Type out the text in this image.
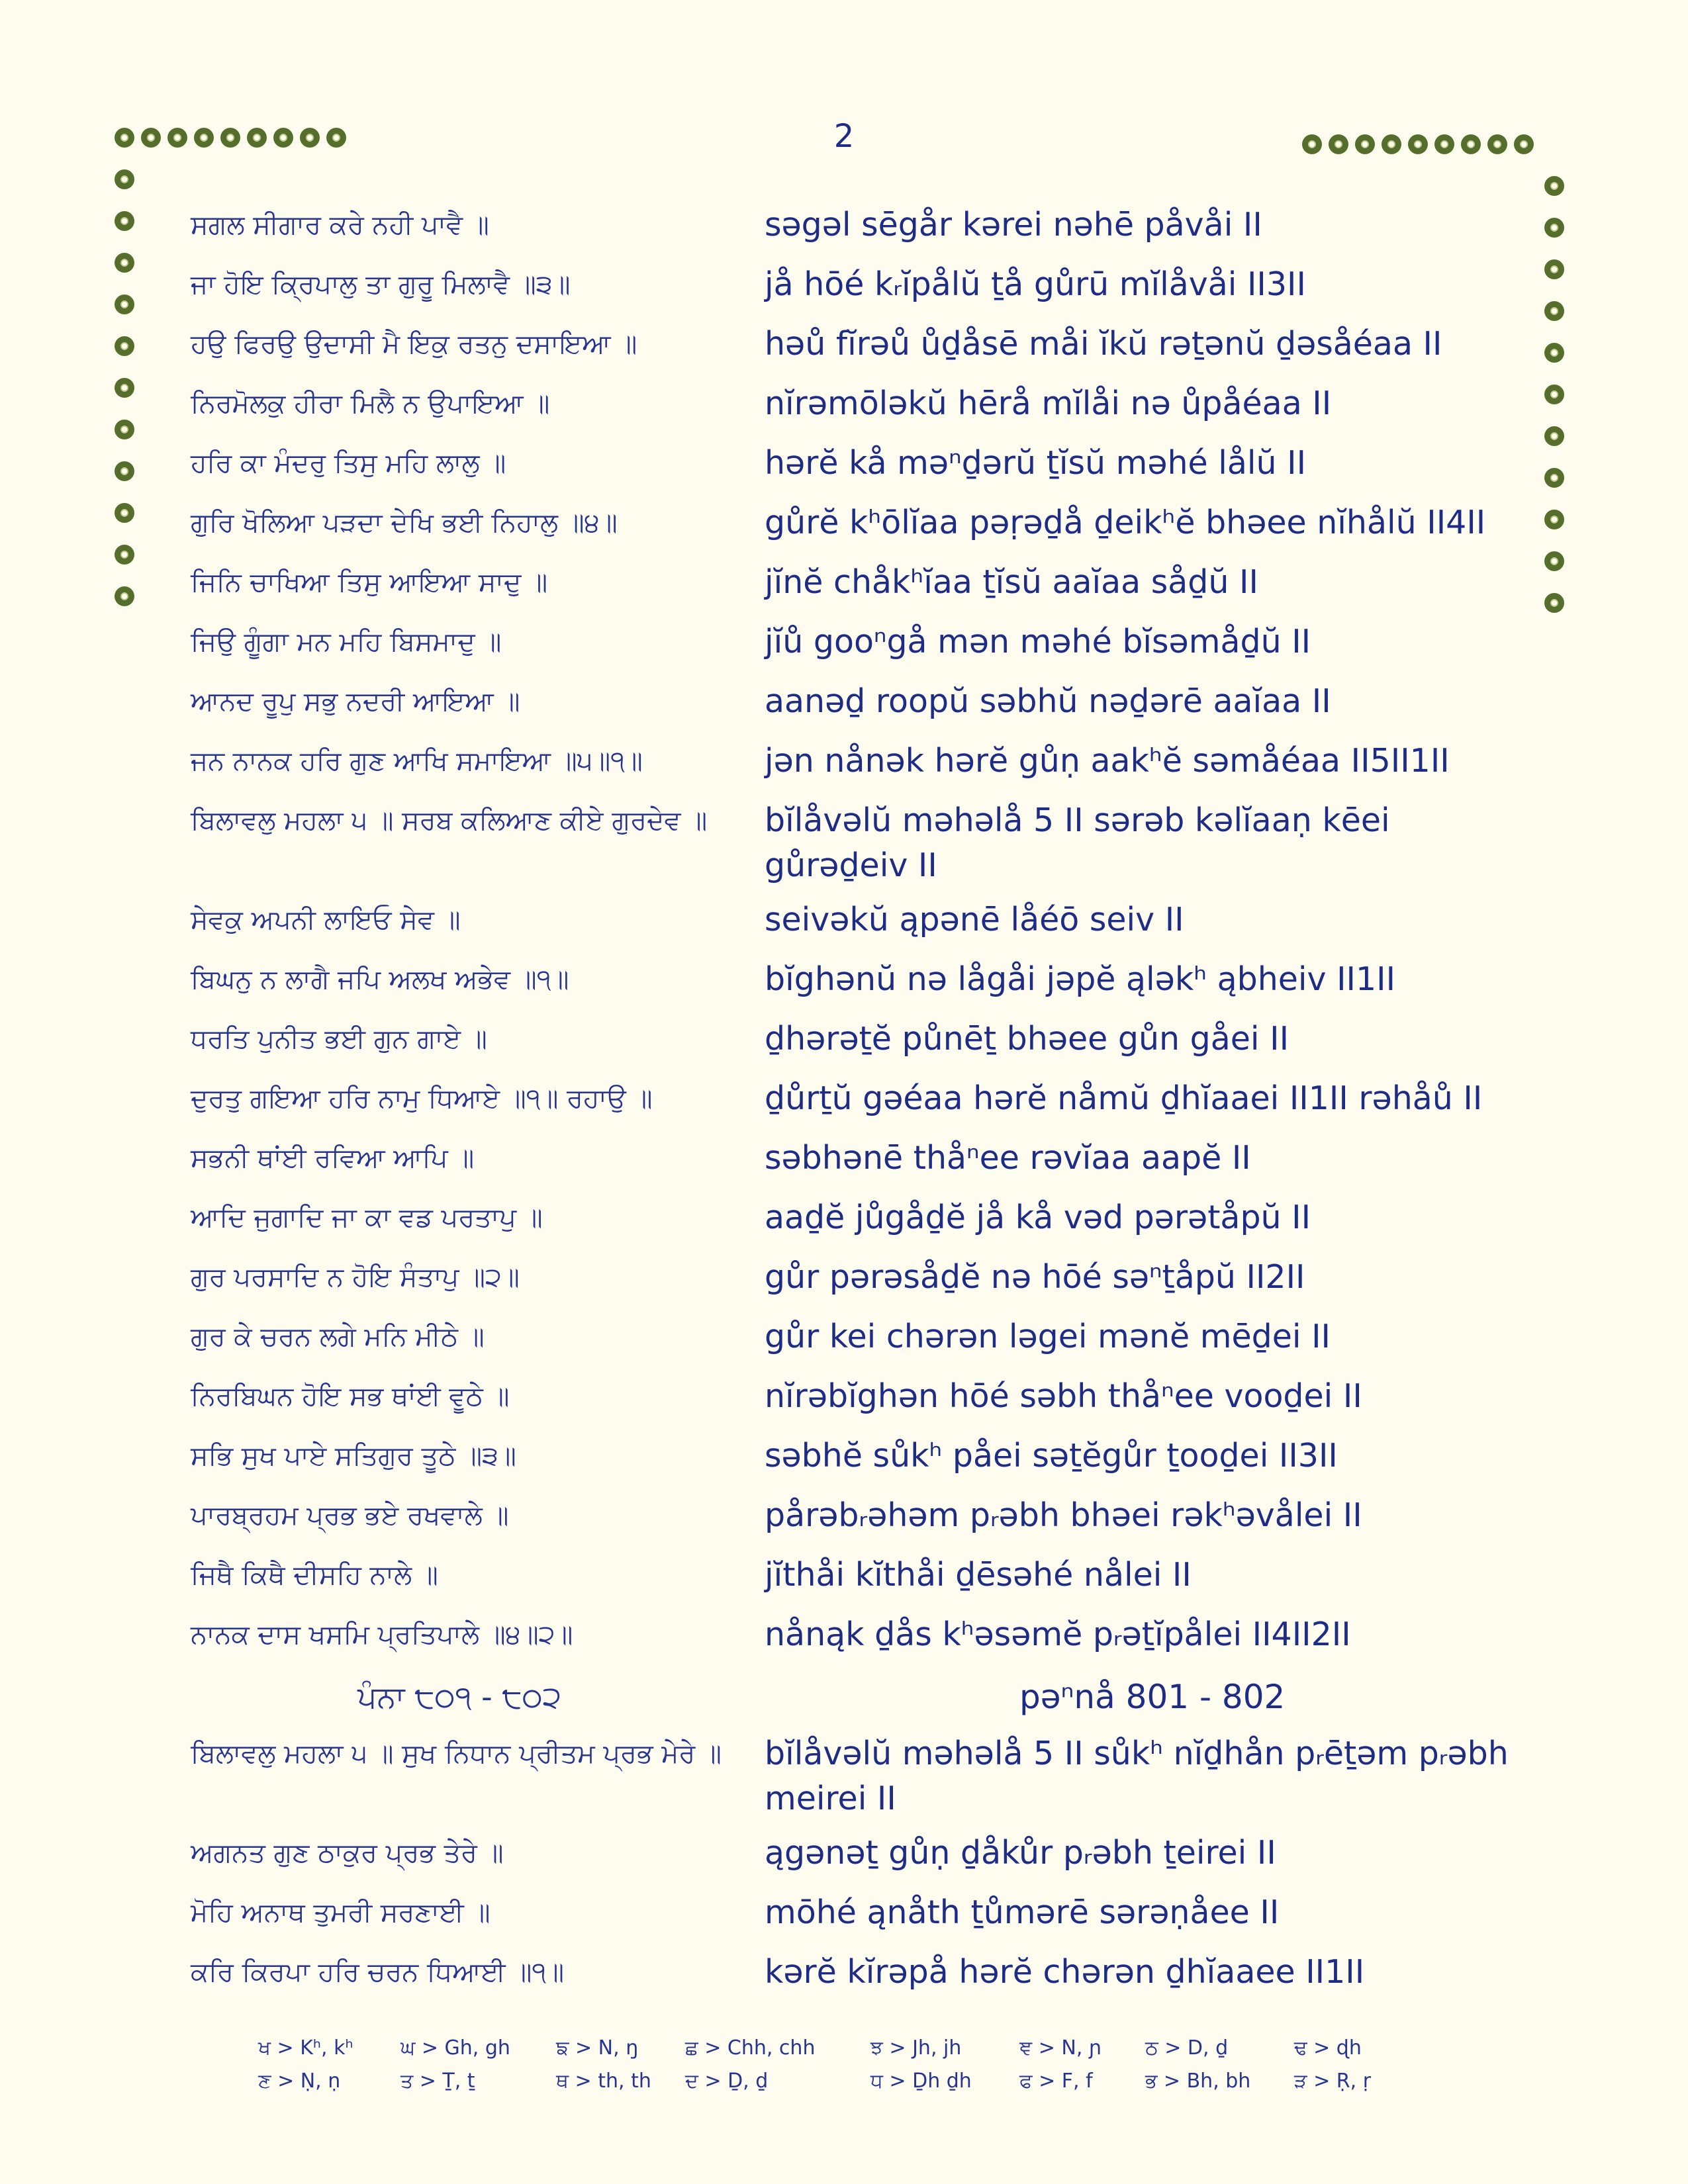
2
ਸਗਲ ਸੀਗਾਰ ਕਰੇ ਨਹੀ ਪਾਵੈ ॥	səgəl sēgår kərei nəhē påvåi II
ਜਾ ਹੋਇ ਕ੍ਰਿਪਾਲੁ ਤਾ ਗੁਰੂ ਮਿਲਾਵੈ ॥੩॥	jå hōé kᵣĭpålŭ ṯå gůrū mĭlåvåi II3II
ਹਉ ਫਿਰਉ ਉਦਾਸੀ ਮੈ ਇਕੁ ਰਤਨੁ ਦਸਾਇਆ ॥	həů fĭrəů ůḏåsē måi ĭkŭ rəṯənŭ ḏəsåéaa II
ਨਿਰਮੋਲਕੁ ਹੀਰਾ ਮਿਲੈ ਨ ਉਪਾਇਆ ॥	nĭrəmōləkŭ hērå mĭlåi nə ůpåéaa II
ਹਰਿ ਕਾ ਮੰਦਰੁ ਤਿਸੁ ਮਹਿ ਲਾਲੁ ॥	hərĕ kå məⁿḏərŭ ṯĭsŭ məhé lålŭ II
ਗੁਰਿ ਖੋਲਿਆ ਪੜਦਾ ਦੇਖਿ ਭਈ ਨਿਹਾਲੁ ॥੪॥	gůrĕ kʰōlĭaa pəṛəḏå ḏeikʰĕ bhəee nĭhålŭ II4II
ਜਿਨਿ ਚਾਖਿਆ ਤਿਸੁ ਆਇਆ ਸਾਦੁ ॥	jĭnĕ chåkʰĭaa ṯĭsŭ aaĭaa såḏŭ II
ਜਿਉ ਗੂੰਗਾ ਮਨ ਮਹਿ ਬਿਸਮਾਦੁ ॥	jĭů gooⁿgå mən məhé bĭsəmåḏŭ II
ਆਨਦ ਰੂਪੁ ਸਭੁ ਨਦਰੀ ਆਇਆ ॥	aanəḏ roopŭ səbhŭ nəḏərē aaĭaa II
ਜਨ ਨਾਨਕ ਹਰਿ ਗੁਣ ਆਖਿ ਸਮਾਇਆ ॥੫॥੧॥	jən nånək hərĕ gůṇ aakʰĕ səmåéaa II5II1II
ਬਿਲਾਵਲੁ ਮਹਲਾ ੫ ॥ ਸਰਬ ਕਲਿਆਣ ਕੀਏ ਗੁਰਦੇਵ ॥	bĭlåvəlŭ məhəlå 5 II sərəb kəlĭaaṇ kēei gůrəḏeiv II
ਸੇਵਕੁ ਅਪਨੀ ਲਾਇਓ ਸੇਵ ॥	seivəkŭ ąpənē låéō seiv II
ਬਿਘਨੁ ਨ ਲਾਗੈ ਜਪਿ ਅਲਖ ਅਭੇਵ ॥੧॥	bĭghənŭ nə lågåi jəpĕ ąləkʰ ąbheiv II1II
ਧਰਤਿ ਪੁਨੀਤ ਭਈ ਗੁਨ ਗਾਏ ॥	ḏhərəṯĕ půnēṯ bhəee gůn gåei II
ਦੁਰਤੁ ਗਇਆ ਹਰਿ ਨਾਮੁ ਧਿਆਏ ॥੧॥ ਰਹਾਉ ॥	ḏůrṯŭ gəéaa hərĕ nåmŭ ḏhĭaaei II1II rəhåů II
ਸਭਨੀ ਥਾਂਈ ਰਵਿਆ ਆਪਿ ॥	səbhənē thåⁿee rəvĭaa aapĕ II
ਆਦਿ ਜੁਗਾਦਿ ਜਾ ਕਾ ਵਡ ਪਰਤਾਪੁ ॥	aaḏĕ jůgåḏĕ jå kå vəd pərətåpŭ II
ਗੁਰ ਪਰਸਾਦਿ ਨ ਹੋਇ ਸੰਤਾਪੁ ॥੨॥	gůr pərəsåḏĕ nə hōé səⁿṯåpŭ II2II
ਗੁਰ ਕੇ ਚਰਨ ਲਗੇ ਮਨਿ ਮੀਠੇ ॥	gůr kei chərən ləgei mənĕ mēḏei II
ਨਿਰਬਿਘਨ ਹੋਇ ਸਭ ਥਾਂਈ ਵੂਠੇ ॥	nĭrəbĭghən hōé səbh thåⁿee vooḏei II
ਸਭਿ ਸੁਖ ਪਾਏ ਸਤਿਗੁਰ ਤੂਠੇ ॥੩॥	səbhĕ sůkʰ påei səṯĕgůr ṯooḏei II3II
ਪਾਰਬ੍ਰਹਮ ਪ੍ਰਭ ਭਏ ਰਖਵਾਲੇ ॥	pårəbᵣəhəm pᵣəbh bhəei rəkʰəvålei II
ਜਿਥੈ ਕਿਥੈ ਦੀਸਹਿ ਨਾਲੇ ॥	jĭthåi kĭthåi ḏēsəhé nålei II
ਨਾਨਕ ਦਾਸ ਖਸਮਿ ਪ੍ਰਤਿਪਾਲੇ ॥੪॥੨॥	nånąk ḏås kʰəsəmĕ pᵣəṯĭpålei II4II2II
ਪੰਨਾ ੮੦੧ - ੮੦੨	pəⁿnå 801 - 802
ਬਿਲਾਵਲੁ ਮਹਲਾ ੫ ॥ ਸੁਖ ਨਿਧਾਨ ਪ੍ਰੀਤਮ ਪ੍ਰਭ ਮੇਰੇ ॥	bĭlåvəlŭ məhəlå 5 II sůkʰ nĭḏhån pᵣēṯəm pᵣəbh meirei II
ਅਗਨਤ ਗੁਣ ਠਾਕੁਰ ਪ੍ਰਭ ਤੇਰੇ ॥	ągənəṯ gůṇ ḏåkůr pᵣəbh ṯeirei II
ਮੋਹਿ ਅਨਾਥ ਤੁਮਰੀ ਸਰਣਾਈ ॥	mōhé ąnåth ṯůmərē sərəṇåee II
ਕਰਿ ਕਿਰਪਾ ਹਰਿ ਚਰਨ ਧਿਆਈ ॥੧॥	kərĕ kĭrəpå hərĕ chərən ḏhĭaaee II1II
ਖ > Kʰ, kʰ ਘ > Gh, gh ਙ > N, ŋ ਛ > Chh, chh	ਝ > Jh, jh	ਞ > N, ɲ ਠ > D, ḏ	ਢ > ɖh
ਣ > Ṇ, ṇ	ਤ > Ṯ, ṯ	ਥ > th, th ਦ > Ḏ, ḏ	ਧ > Ḏh ḏh ਫ > F, f	ਭ > Bh, bh ੜ > Ṛ, ṛ
